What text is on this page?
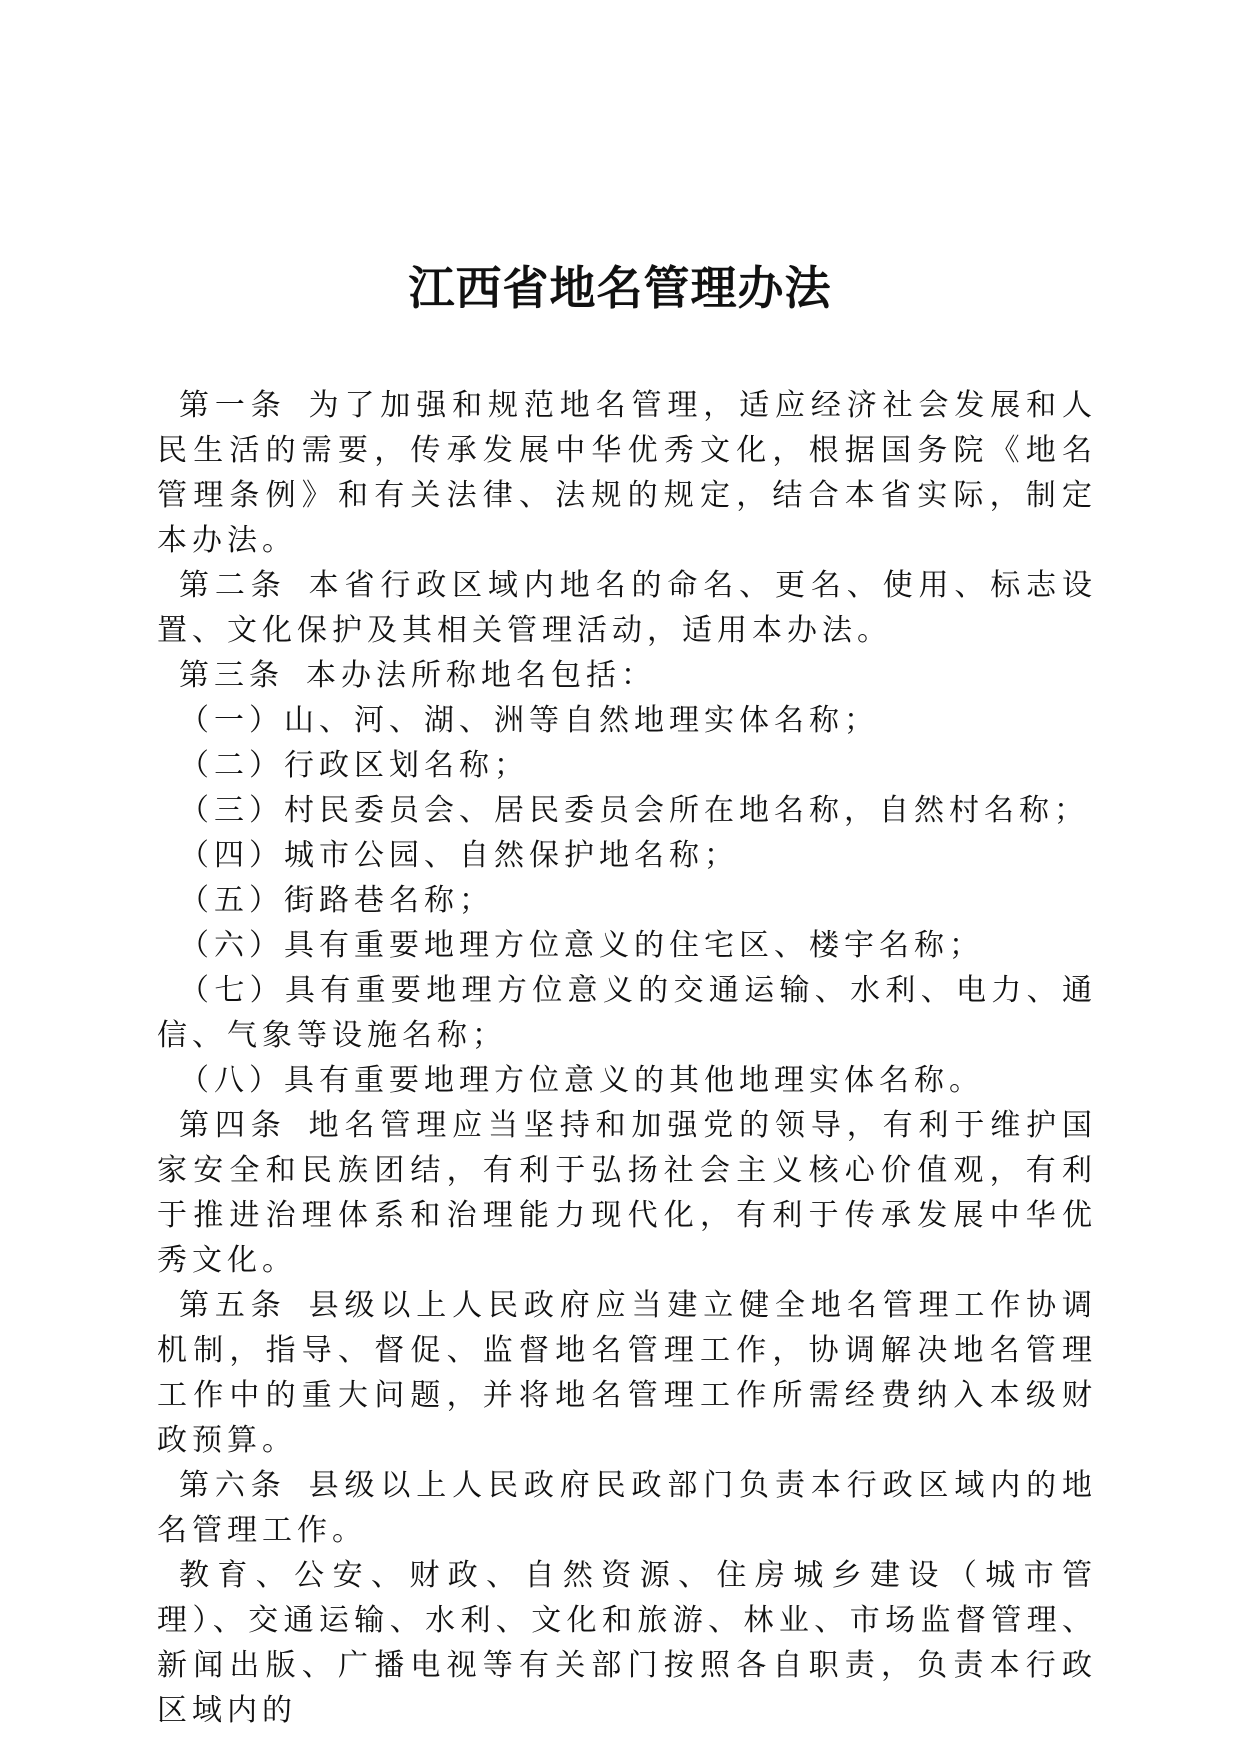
江西省地名管理办法

第一条 为了加强和规范地名管理，适应经济社会发展和人民生活的需要，传承发展中华优秀文化，根据国务院《地名管理条例》和有关法律、法规的规定，结合本省实际，制定本办法。

第二条 本省行政区域内地名的命名、更名、使用、标志设置、文化保护及其相关管理活动，适用本办法。

第三条 本办法所称地名包括：

（一）山、河、湖、洲等自然地理实体名称；

（二）行政区划名称；

（三）村民委员会、居民委员会所在地名称，自然村名称；

（四）城市公园、自然保护地名称；

（五）街路巷名称；

（六）具有重要地理方位意义的住宅区、楼宇名称；

（七）具有重要地理方位意义的交通运输、水利、电力、通信、气象等设施名称；

（八）具有重要地理方位意义的其他地理实体名称。

第四条 地名管理应当坚持和加强党的领导，有利于维护国家安全和民族团结，有利于弘扬社会主义核心价值观，有利于推进治理体系和治理能力现代化，有利于传承发展中华优秀文化。

第五条 县级以上人民政府应当建立健全地名管理工作协调机制，指导、督促、监督地名管理工作，协调解决地名管理工作中的重大问题，并将地名管理工作所需经费纳入本级财政预算。

第六条 县级以上人民政府民政部门负责本行政区域内的地名管理工作。

教育、公安、财政、自然资源、住房城乡建设（城市管理）、交通运输、水利、文化和旅游、林业、市场监督管理、新闻出版、广播电视等有关部门按照各自职责，负责本行政区域内的
